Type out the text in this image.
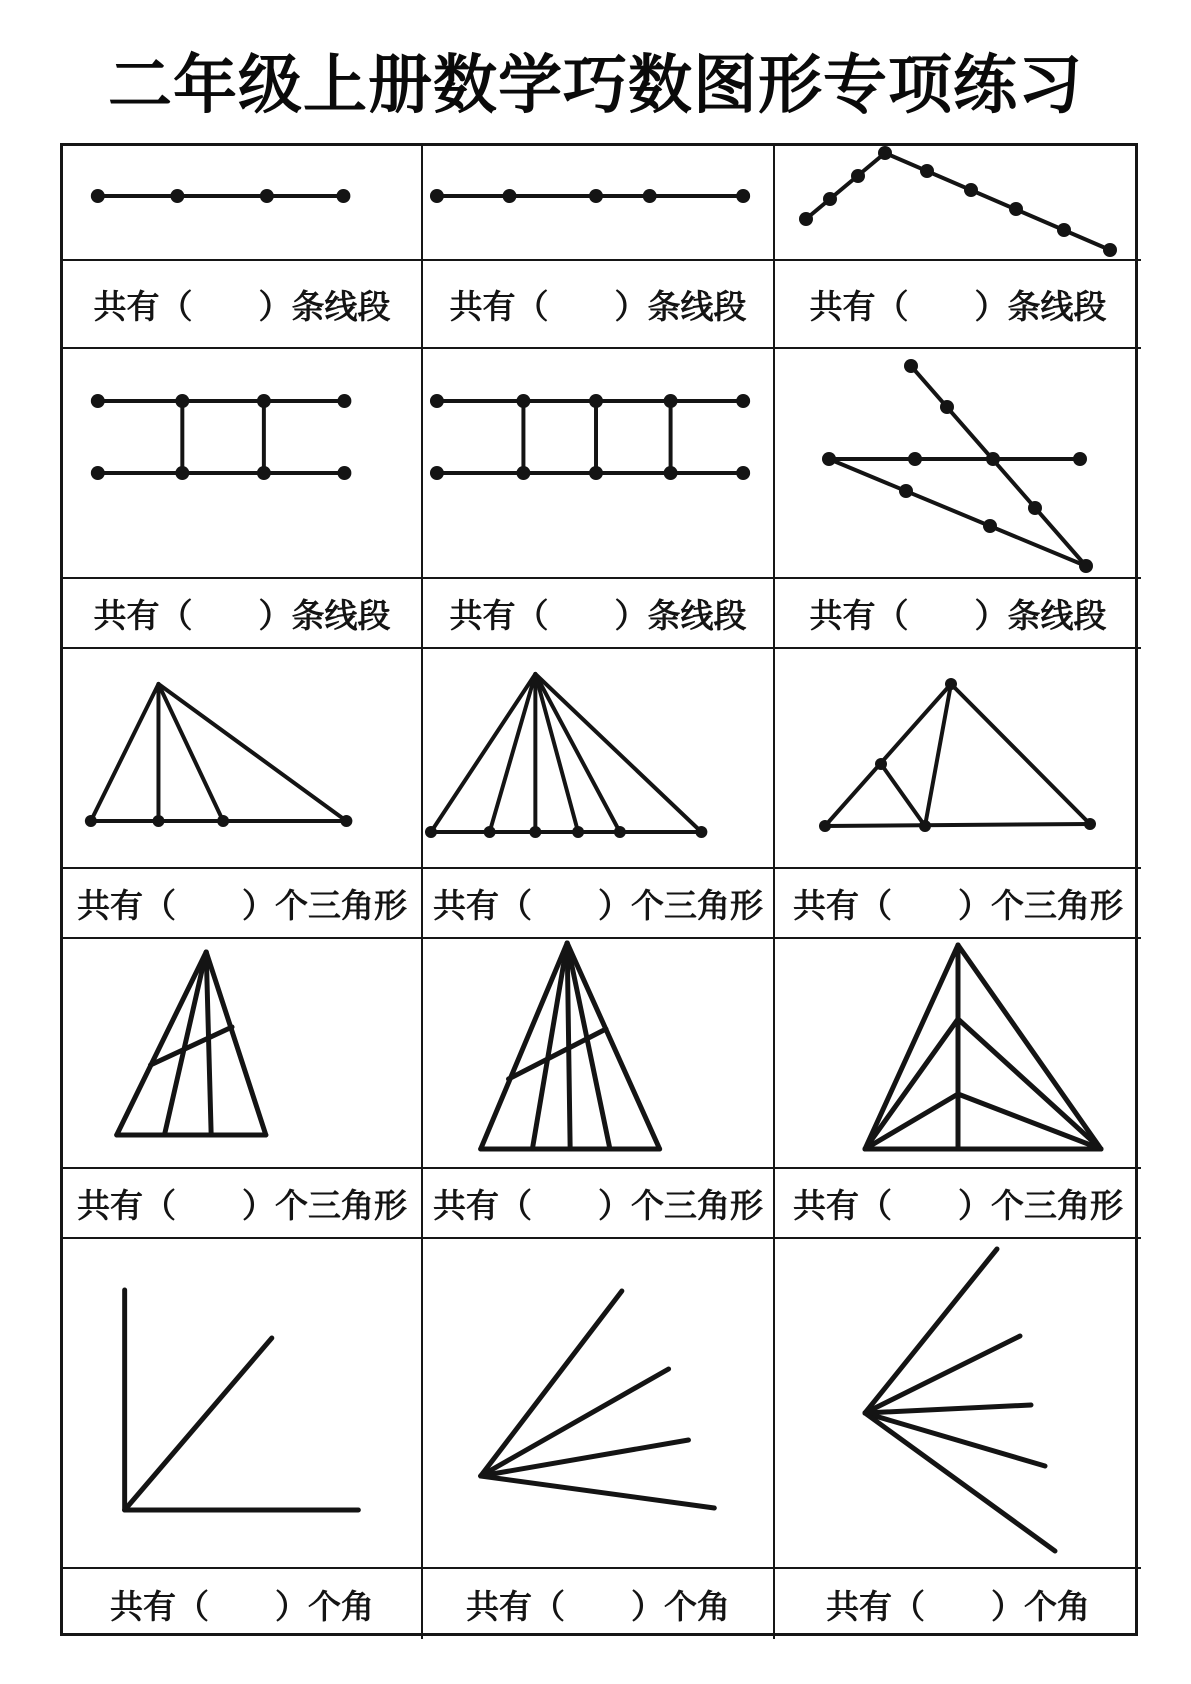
二年级上册数学巧数图形专项练习
共有（　　）条线段	共有（　　）条线段	共有（　　）条线段
共有（　　）条线段	共有（　　）条线段	共有（　　）条线段
共有（　　）个三角形 共有（　　）个三角形 共有（　　）个三角形
共有（　　）个三角形 共有（　　）个三角形 共有（　　）个三角形
共有（　　）个角	共有（　　）个角	共有（　　）个角
